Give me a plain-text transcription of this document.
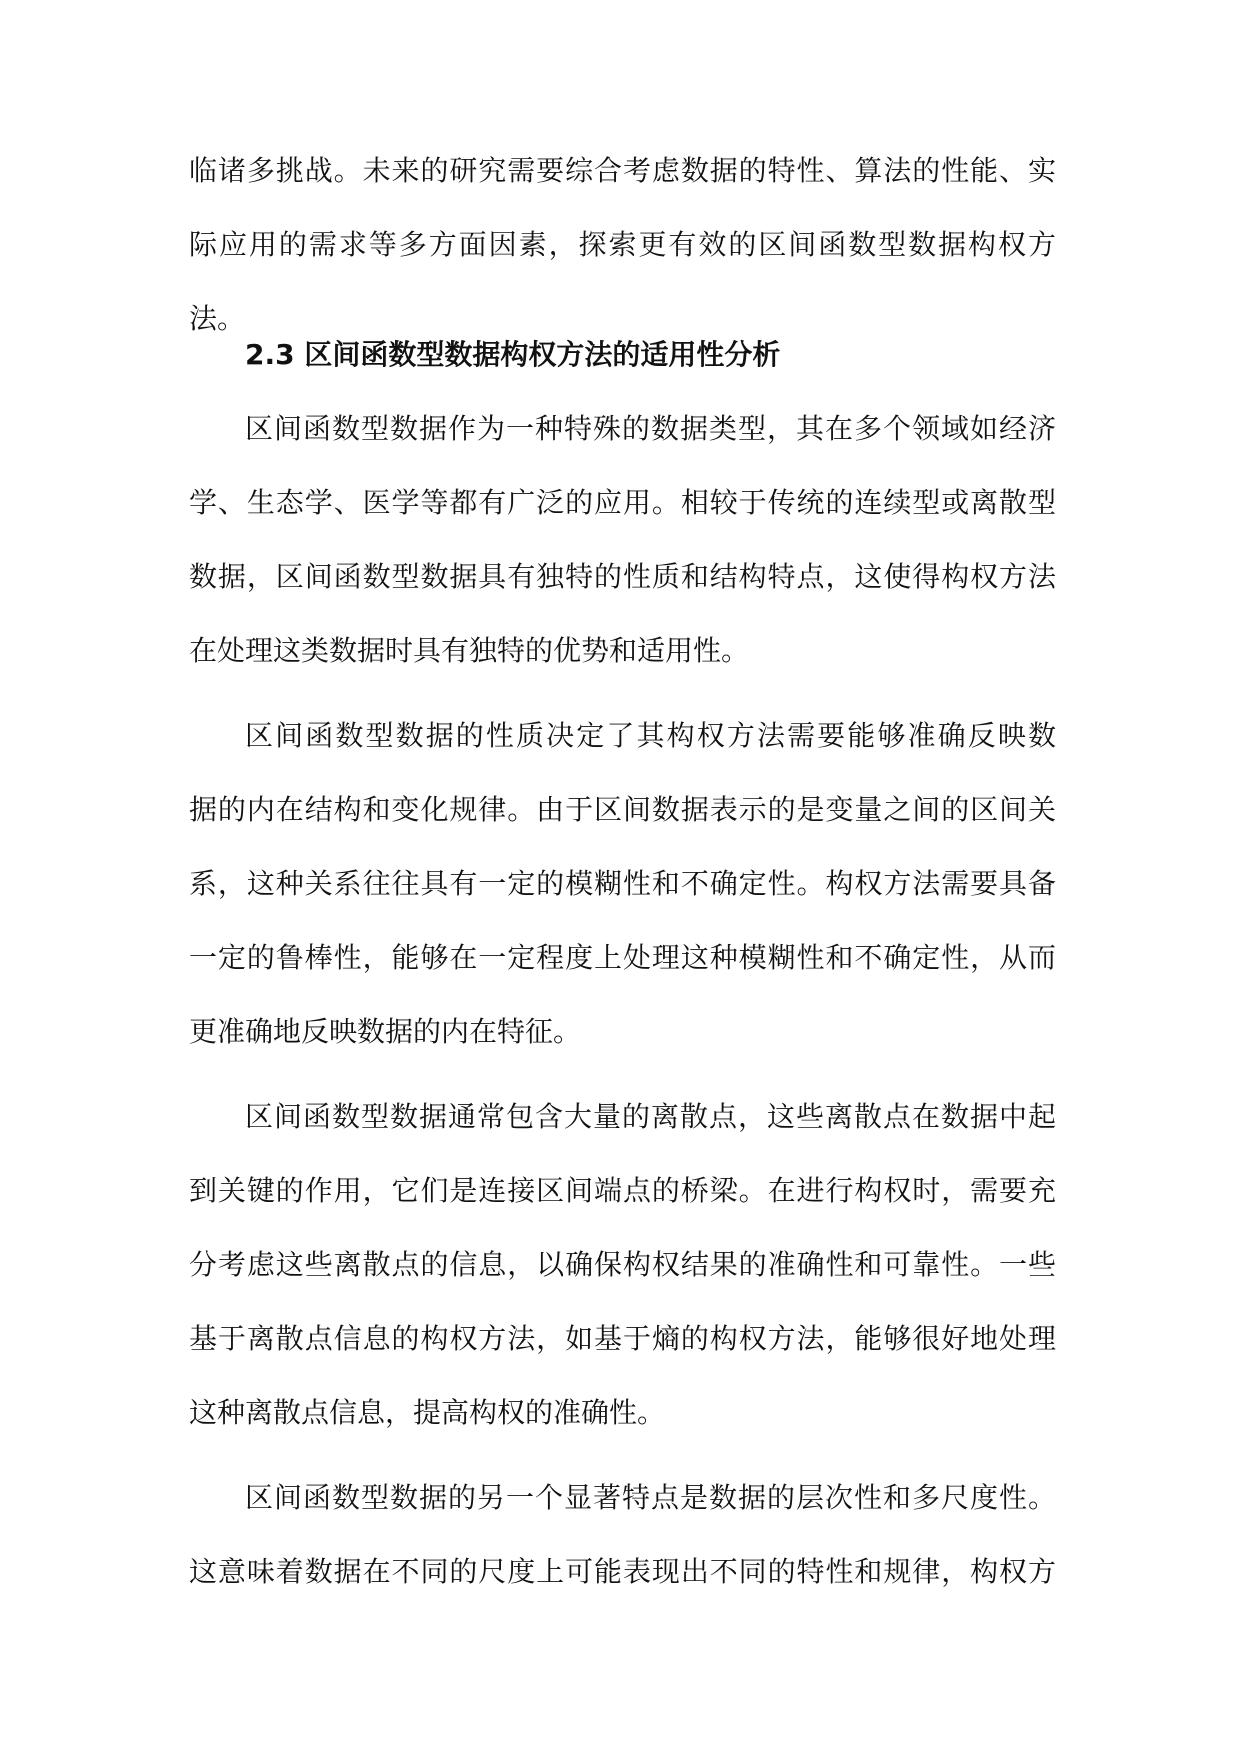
临诸多挑战。未来的研究需要综合考虑数据的特性、算法的性能、实
际应用的需求等多方面因素，探索更有效的区间函数型数据构权方法。
2.3 区间函数型数据构权方法的适用性分析
区间函数型数据作为一种特殊的数据类型，其在多个领域如经济
学、生态学、医学等都有广泛的应用。相较于传统的连续型或离散型
数据，区间函数型数据具有独特的性质和结构特点，这使得构权方法
在处理这类数据时具有独特的优势和适用性。
区间函数型数据的性质决定了其构权方法需要能够准确反映数
据的内在结构和变化规律。由于区间数据表示的是变量之间的区间关
系，这种关系往往具有一定的模糊性和不确定性。构权方法需要具备
一定的鲁棒性，能够在一定程度上处理这种模糊性和不确定性，从而
更准确地反映数据的内在特征。
区间函数型数据通常包含大量的离散点，这些离散点在数据中起
到关键的作用，它们是连接区间端点的桥梁。在进行构权时，需要充
分考虑这些离散点的信息，以确保构权结果的准确性和可靠性。一些
基于离散点信息的构权方法，如基于熵的构权方法，能够很好地处理
这种离散点信息，提高构权的准确性。
区间函数型数据的另一个显著特点是数据的层次性和多尺度性。
这意味着数据在不同的尺度上可能表现出不同的特性和规律，构权方
